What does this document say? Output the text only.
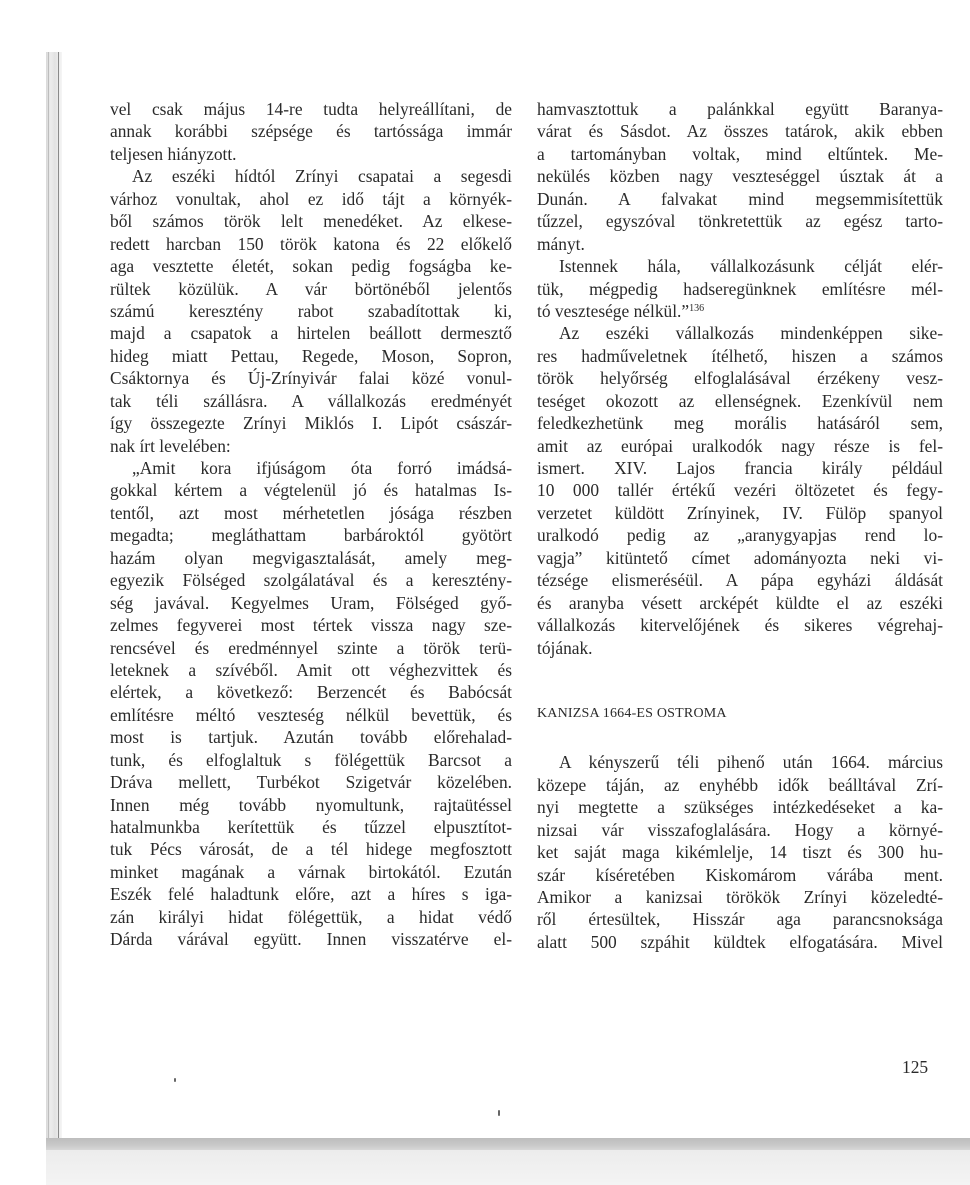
vel csak május 14-re tudta helyreállítani, de
annak korábbi szépsége és tartóssága immár
teljesen hiányzott.
Az eszéki hídtól Zrínyi csapatai a segesdi
várhoz vonultak, ahol ez idő tájt a környék-
ből számos török lelt menedéket. Az elkese-
redett harcban 150 török katona és 22 előkelő
aga vesztette életét, sokan pedig fogságba ke-
rültek közülük. A vár börtönéből jelentős
számú keresztény rabot szabadítottak ki,
majd a csapatok a hirtelen beállott dermesztő
hideg miatt Pettau, Regede, Moson, Sopron,
Csáktornya és Új-Zrínyivár falai közé vonul-
tak téli szállásra. A vállalkozás eredményét
így összegezte Zrínyi Miklós I. Lipót császár-
nak írt levelében:
„Amit kora ifjúságom óta forró imádsá-
gokkal kértem a végtelenül jó és hatalmas Is-
tentől, azt most mérhetetlen jósága részben
megadta; megláthattam barbároktól gyötört
hazám olyan megvigasztalását, amely meg-
egyezik Fölséged szolgálatával és a keresztény-
ség javával. Kegyelmes Uram, Fölséged győ-
zelmes fegyverei most tértek vissza nagy sze-
rencsével és eredménnyel szinte a török terü-
leteknek a szívéből. Amit ott véghezvittek és
elértek, a következő: Berzencét és Babócsát
említésre méltó veszteség nélkül bevettük, és
most is tartjuk. Azután tovább előrehalad-
tunk, és elfoglaltuk s fölégettük Barcsot a
Dráva mellett, Turbékot Szigetvár közelében.
Innen még tovább nyomultunk, rajtaütéssel
hatalmunkba kerítettük és tűzzel elpusztítot-
tuk Pécs városát, de a tél hidege megfosztott
minket magának a várnak birtokától. Ezután
Eszék felé haladtunk előre, azt a híres s iga-
zán királyi hidat fölégettük, a hidat védő
Dárda várával együtt. Innen visszatérve el-
hamvasztottuk a palánkkal együtt Baranya-
várat és Sásdot. Az összes tatárok, akik ebben
a tartományban voltak, mind eltűntek. Me-
nekülés közben nagy veszteséggel úsztak át a
Dunán. A falvakat mind megsemmisítettük
tűzzel, egyszóval tönkretettük az egész tarto-
mányt.
Istennek hála, vállalkozásunk célját elér-
tük, mégpedig hadseregünknek említésre mél-
tó vesztesége nélkül.”$^{136}$
Az eszéki vállalkozás mindenképpen sike-
res hadműveletnek ítélhető, hiszen a számos
török helyőrség elfoglalásával érzékeny vesz-
teséget okozott az ellenségnek. Ezenkívül nem
feledkezhetünk meg morális hatásáról sem,
amit az európai uralkodók nagy része is fel-
ismert. XIV. Lajos francia király például
10 000 tallér értékű vezéri öltözetet és fegy-
verzetet küldött Zrínyinek, IV. Fülöp spanyol
uralkodó pedig az „aranygyapjas rend lo-
vagja” kitüntető címet adományozta neki vi-
tézsége elismeréséül. A pápa egyházi áldását
és aranyba vésett arcképét küldte el az eszéki
vállalkozás kitervelőjének és sikeres végrehaj-
tójának.
KANIZSA 1664-ES OSTROMA
A kényszerű téli pihenő után 1664. március
közepe táján, az enyhébb idők beálltával Zrí-
nyi megtette a szükséges intézkedéseket a ka-
nizsai vár visszafoglalására. Hogy a környé-
ket saját maga kikémlelje, 14 tiszt és 300 hu-
szár kíséretében Kiskomárom várába ment.
Amikor a kanizsai törökök Zrínyi közeledté-
ről értesültek, Hisszár aga parancsnoksága
alatt 500 szpáhit küldtek elfogatására. Mivel
125
